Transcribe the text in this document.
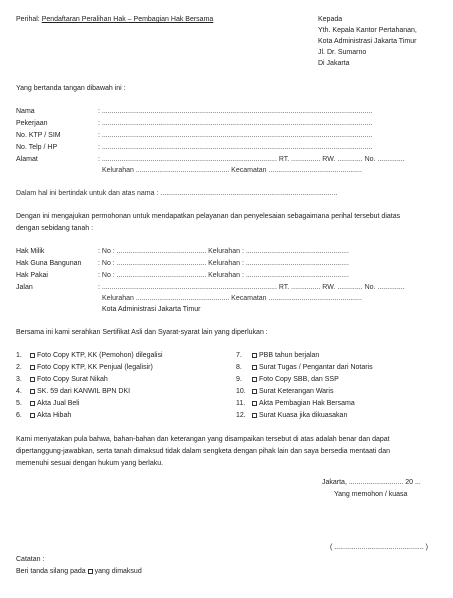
Perihal: Pendaftaran Peralihan Hak – Pembagian Hak Bersama	Kepada
Yth. Kepala Kantor Pertahanan,
Kota Administrasi Jakarta Timur
Jl. Dr. Sumarno
Di Jakarta
Yang bertanda tangan dibawah ini :
Nama	: ...........................................................................................................................................
Pekerjaan	: ...........................................................................................................................................
No. KTP / SIM	: ...........................................................................................................................................
No. Telp / HP	: ...........................................................................................................................................
Alamat	: .......................................................................................... RT. ............... RW. ............. No. ..............
Kelurahan ................................................ Kecamatan ................................................
Dalam hal ini bertindak untuk dan atas nama : ...........................................................................................
Dengan ini mengajukan permohonan untuk mendapatkan pelayanan dan penyelesaian sebagaimana perihal tersebut diatas
dengan sebidang tanah :
Hak Milik	: No : .............................................. Kelurahan : .....................................................
Hak Guna Bangunan : No : .............................................. Kelurahan : .....................................................
Hak Pakai	: No : .............................................. Kelurahan : .....................................................
Jalan	: .......................................................................................... RT. ............... RW. ............. No. ..............
Kelurahan ................................................ Kecamatan ................................................
Kota Administrasi Jakarta Timur
Bersama ini kami serahkan Sertifikat Asli dan Syarat-syarat lain yang diperlukan :
1. Foto Copy KTP, KK (Pemohon) dilegalisi
2. Foto Copy KTP, KK Penjual (legalisir)
3. Foto Copy Surat Nikah
4. SK. 59 dari KANWIL BPN DKI
5. Akta Jual Beli
6. Akta Hibah
7. PBB tahun berjalan
8. Surat Tugas / Pengantar dari Notaris
9. Foto Copy SBB, dan SSP
10. Surat Keterangan Waris
11. Akta Pembagian Hak Bersama
12. Surat Kuasa jika dikuasakan
Kami menyatakan pula bahwa, bahan-bahan dan keterangan yang disampaikan tersebut di atas adalah benar dan dapat
dipertanggung-jawabkan, serta tanah dimaksud tidak dalam sengketa dengan pihak lain dan saya bersedia mentaati dan
memenuhi sesuai dengan hukum yang berlaku.
Jakarta, ............................ 20 ...
Yang memohon / kuasa
( .............................................. )
Catatan :
Beri tanda silang pada yang dimaksud
